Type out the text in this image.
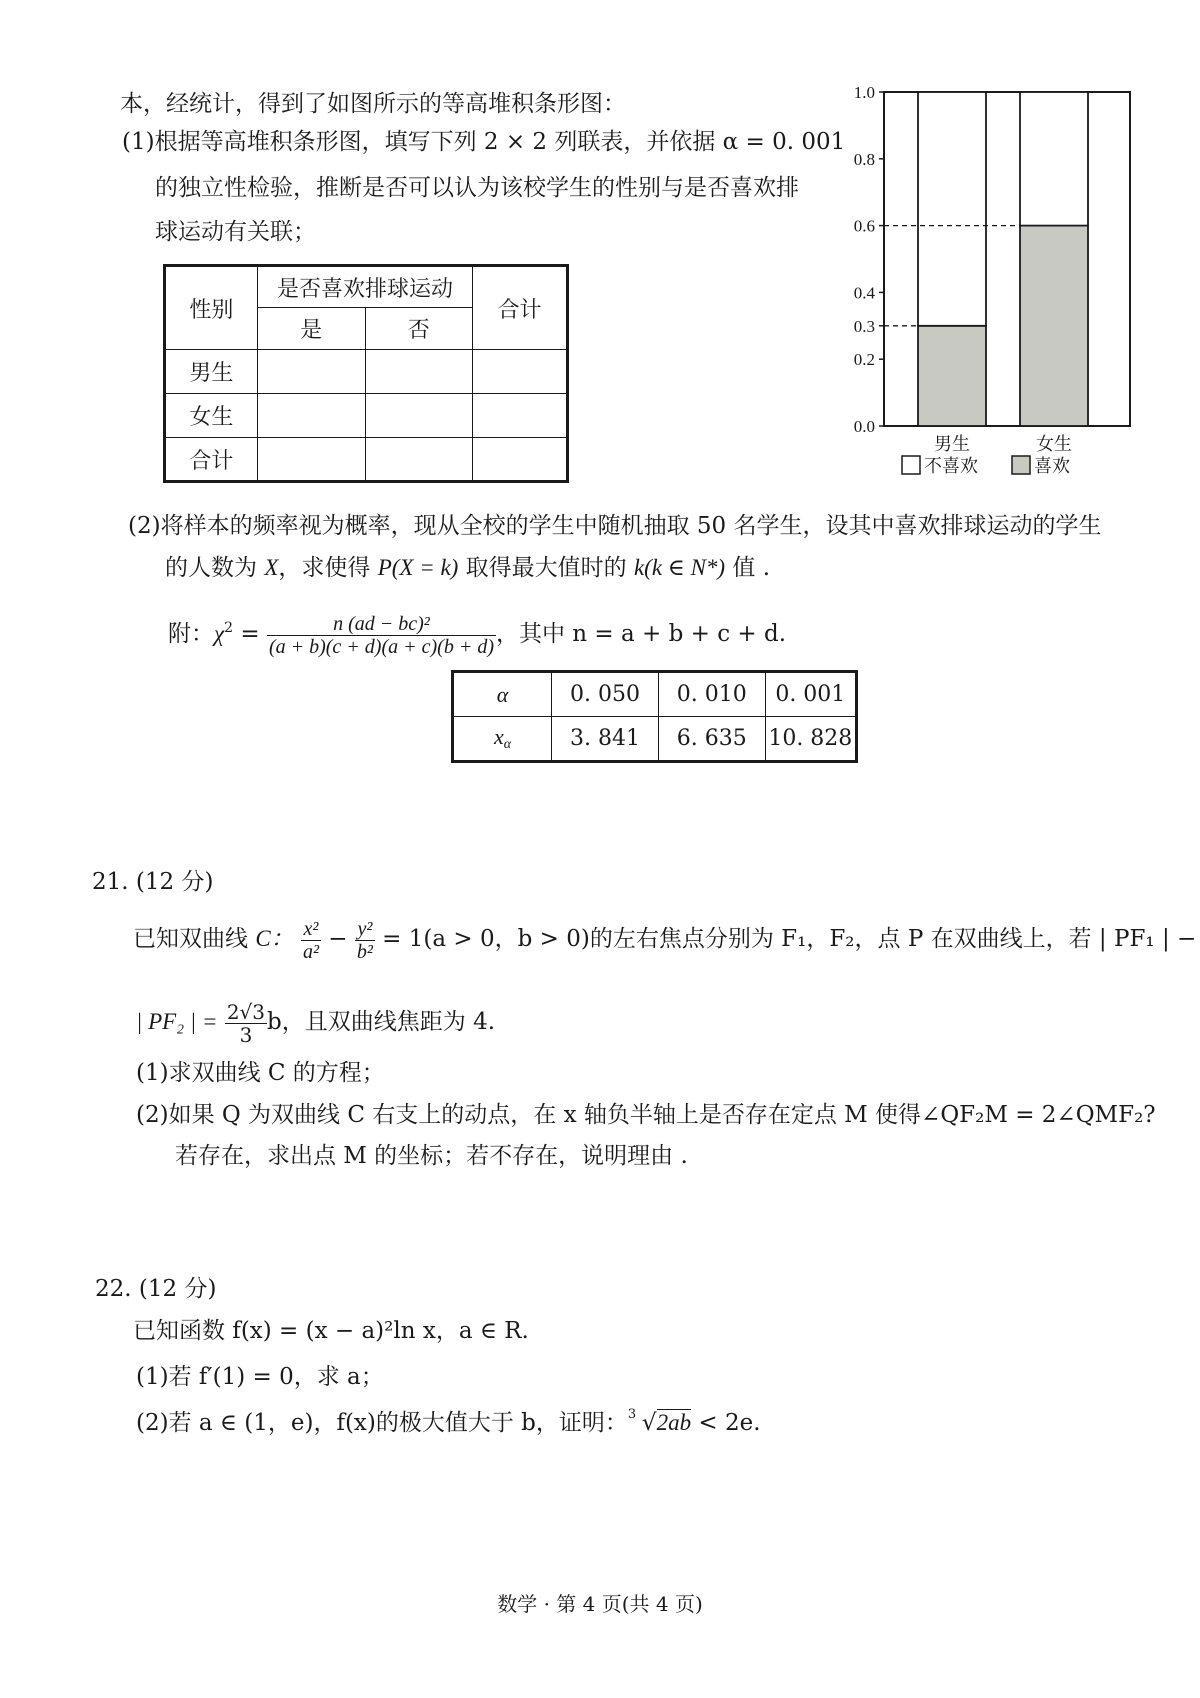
本，经统计，得到了如图所示的等高堆积条形图：
(1)根据等高堆积条形图，填写下列 2 × 2 列联表，并依据 α = 0. 001
的独立性检验，推断是否可以认为该校学生的性别与是否喜欢排
球运动有关联；
性别	是否喜欢排球运动		合计
	是	否	
男生			
女生			
合计			
0.0
0.2
0.3
0.4
0.6
0.8
1.0
男生	女生
不喜欢	喜欢
(2)将样本的频率视为概率，现从全校的学生中随机抽取 50 名学生，设其中喜欢排球运动的学生
的人数为 X，求使得 P(X = k) 取得最大值时的 k(k ∈ N*) 值 .
附：$\chi^2 = \frac{\text{n (ad − bc)²}}{(a + b)(c + d)(a + c)(b + d)}$ ，其中 n = a + b + c + d.
α	0. 050	0. 010	0. 001
$x_\alpha$	3. 841	6. 635	10. 828
21. (12 分)
已知双曲线 C： $\frac{\text{x²}}{\text{a²}} - \frac{\text{y²}}{\text{b²}} = 1(a > 0$，b > 0)的左右焦点分别为 F₁，F₂，点 P 在双曲线上，若 | PF₁ | −
| PF₂ | = $\frac{2√3}{3}$ b，且双曲线焦距为 4.
(1)求双曲线 C 的方程；
(2)如果 Q 为双曲线 C 右支上的动点，在 x 轴负半轴上是否存在定点 M 使得∠QF₂M = 2∠QMF₂?
若存在，求出点 M 的坐标；若不存在，说明理由 .
22. (12 分)
已知函数 f(x) = (x − a)²ln x，a ∈ R.
(1)若 f′(1) = 0，求 a；
(2)若 a ∈ (1，e)，f(x)的极大值大于 b，证明： 3 √2ab < 2e.
数学 · 第 4 页(共 4 页)
